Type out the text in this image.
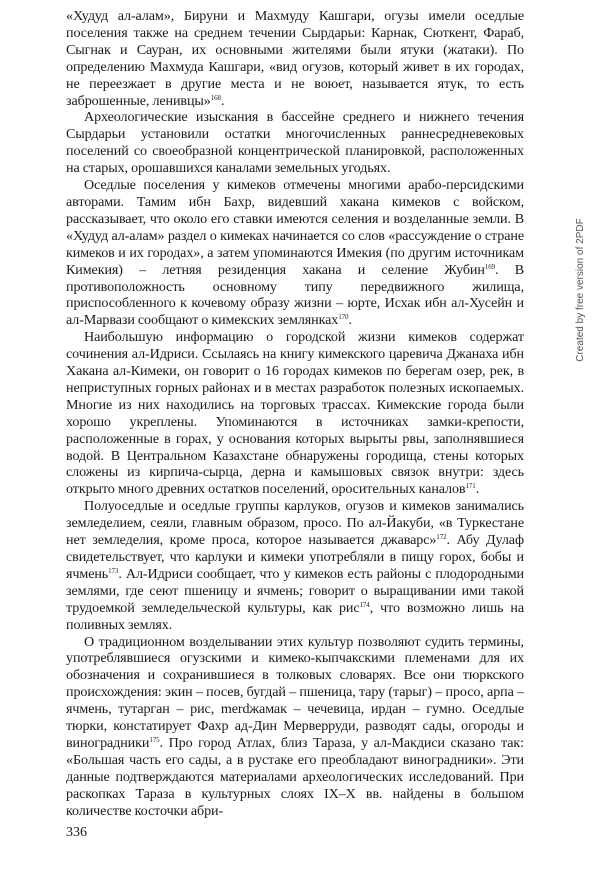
«Худуд ал-алам», Бируни и Махмуду Кашгари, огузы имели оседлые поселения также на среднем течении Сырдарьи: Карнак, Сюткент, Фараб, Сыгнак и Сауран, их основными жителями были ятуки (жатаки). По определению Махмуда Кашгари, «вид огузов, который живет в их городах, не переезжает в другие места и не воюет, называется ятук, то есть заброшенные, ленивцы»$^{168}$.

Археологические изыскания в бассейне среднего и нижнего течения Сырдарьи установили остатки многочисленных раннесредневековых поселений со своеобразной концентрической планировкой, расположенных на старых, орошавшихся каналами земельных угодьях.

Оседлые поселения у кимеков отмечены многими арабо-персидскими авторами. Тамим ибн Бахр, видевший хакана кимеков с войском, рассказывает, что около его ставки имеются селения и возделанные земли. В «Худуд ал-алам» раздел о кимеках начинается со слов «рассуждение о стране кимеков и их городах», а затем упоминаются Имекия (по другим источникам Кимекия) – летняя резиденция хакана и селение Жубин$^{169}$. В противоположность основному типу передвижного жилища, приспособленного к кочевому образу жизни – юрте, Исхак ибн ал-Хусейн и ал-Марвази сообщают о кимекских землянках$^{170}$.

Наибольшую информацию о городской жизни кимеков содержат сочинения ал-Идриси. Ссылаясь на книгу кимекского царевича Джанаха ибн Хакана ал-Кимеки, он говорит о 16 городах кимеков по берегам озер, рек, в неприступных горных районах и в местах разработок полезных ископаемых. Многие из них находились на торговых трассах. Кимекские города были хорошо укреплены. Упоминаются в источниках замки-крепости, расположенные в горах, у основания которых вырыты рвы, заполнявшиеся водой. В Центральном Казахстане обнаружены городища, стены которых сложены из кирпича-сырца, дерна и камышовых связок внутри: здесь открыто много древних остатков поселений, оросительных каналов$^{171}$.

Полуоседлые и оседлые группы карлуков, огузов и кимеков занимались земледелием, сеяли, главным образом, просо. По ал-Йакуби, «в Туркестане нет земледелия, кроме проса, которое называется джаварс»$^{172}$. Абу Дулаф свидетельствует, что карлуки и кимеки употребляли в пищу горох, бобы и ячмень$^{173}$. Ал-Идриси сообщает, что у кимеков есть районы с плодородными землями, где сеют пшеницу и ячмень; говорит о выращивании ими такой трудоемкой земледельческой культуры, как рис$^{174}$, что возможно лишь на поливных землях.

О традиционном возделывании этих культур позволяют судить термины, употреблявшиеся огузскими и кимеко-кыпчакскими племенами для их обозначения и сохранившиеся в толковых словарях. Все они тюркского происхождения: экин – посев, бугдай – пшеница, тару (тарыг) – просо, арпа – ячмень, тутарган – рис, merdжамак – чечевица, ирдан – гумно. Оседлые тюрки, констатирует Фахр ад-Дин Мерверруди, разводят сады, огороды и виноградники$^{175}$. Про город Атлах, близ Тараза, у ал-Макдиси сказано так: «Большая часть его сады, а в рустаке его преобладают виноградники». Эти данные подтверждаются материалами археологических исследований. При раскопках Тараза в культурных слоях IX–X вв. найдены в большом количестве косточки абри-

336
Created by free version of 2PDF
